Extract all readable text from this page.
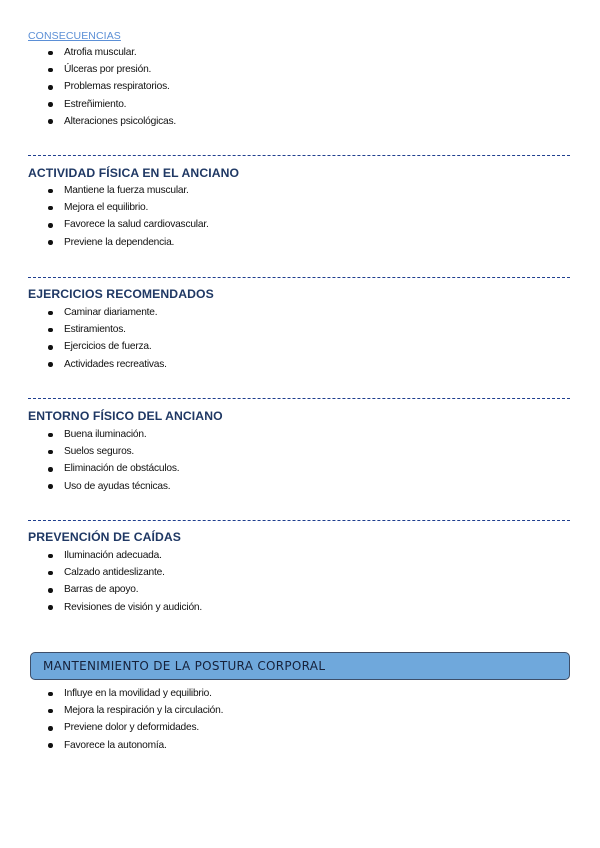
CONSECUENCIAS
Atrofia muscular.
Úlceras por presión.
Problemas respiratorios.
Estreñimiento.
Alteraciones psicológicas.
ACTIVIDAD FÍSICA EN EL ANCIANO
Mantiene la fuerza muscular.
Mejora el equilibrio.
Favorece la salud cardiovascular.
Previene la dependencia.
EJERCICIOS RECOMENDADOS
Caminar diariamente.
Estiramientos.
Ejercicios de fuerza.
Actividades recreativas.
ENTORNO FÍSICO DEL ANCIANO
Buena iluminación.
Suelos seguros.
Eliminación de obstáculos.
Uso de ayudas técnicas.
PREVENCIÓN DE CAÍDAS
Iluminación adecuada.
Calzado antideslizante.
Barras de apoyo.
Revisiones de visión y audición.
MANTENIMIENTO DE LA POSTURA CORPORAL
Influye en la movilidad y equilibrio.
Mejora la respiración y la circulación.
Previene dolor y deformidades.
Favorece la autonomía.
